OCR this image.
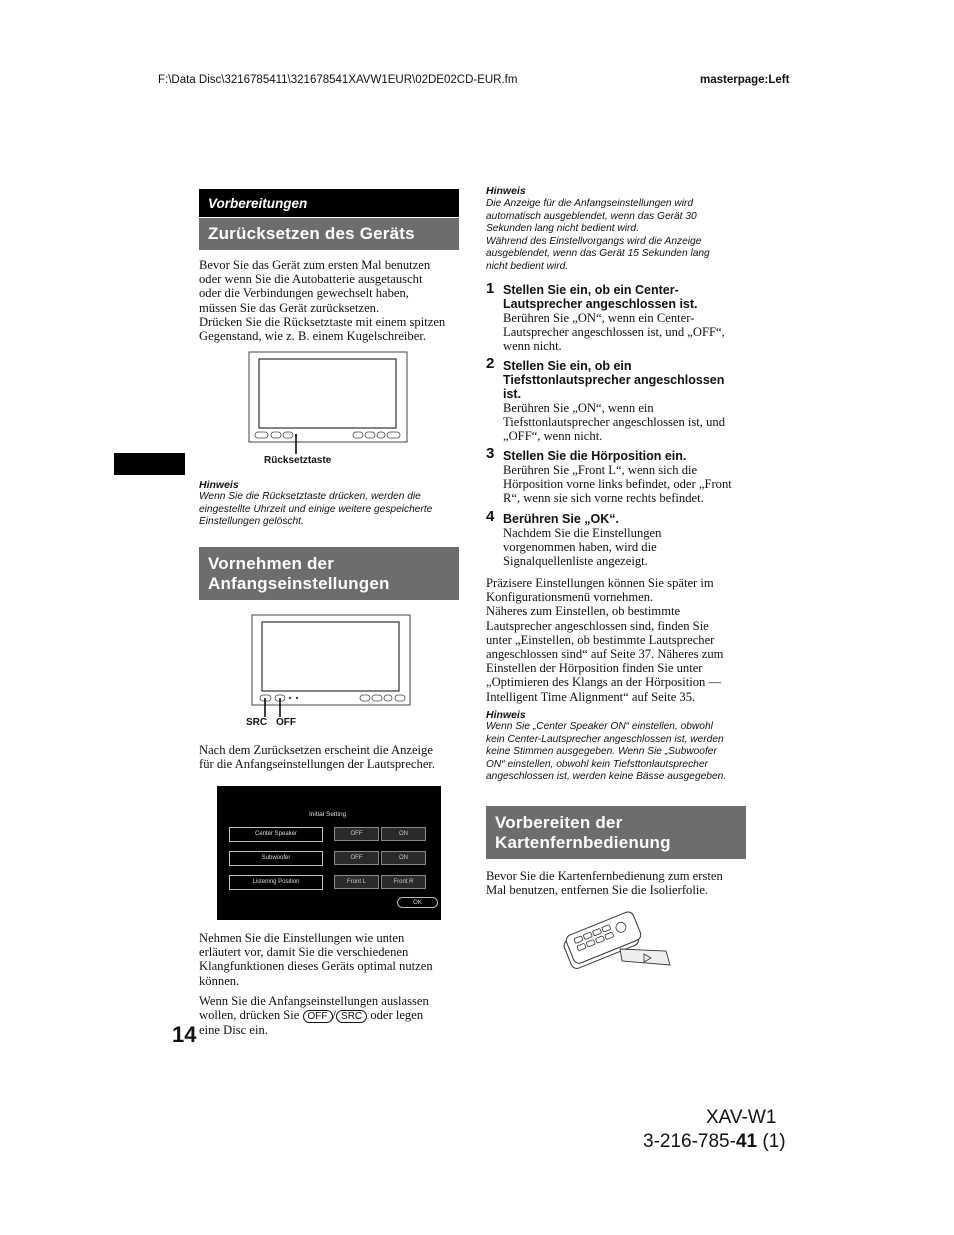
F:\Data Disc\3216785411\321678541XAVW1EUR\02DE02CD-EUR.fm	masterpage:Left
Vorbereitungen
Zurücksetzen des Geräts
Bevor Sie das Gerät zum ersten Mal benutzen
oder wenn Sie die Autobatterie ausgetauscht
oder die Verbindungen gewechselt haben,
müssen Sie das Gerät zurücksetzen.
Drücken Sie die Rücksetztaste mit einem spitzen
Gegenstand, wie z. B. einem Kugelschreiber.
Rücksetztaste
Hinweis
Wenn Sie die Rücksetztaste drücken, werden die
eingestellte Uhrzeit und einige weitere gespeicherte
Einstellungen gelöscht.
Vornehmen der
Anfangseinstellungen
SRC OFF
Nach dem Zurücksetzen erscheint die Anzeige
für die Anfangseinstellungen der Lautsprecher.
Initial Setting
Center Speaker	OFF	ON
Subwoofer	OFF	ON
Listening Position	Front L	Front R
OK
Nehmen Sie die Einstellungen wie unten
erläutert vor, damit Sie die verschiedenen
Klangfunktionen dieses Geräts optimal nutzen
können.
Wenn Sie die Anfangseinstellungen auslassen
wollen, drücken Sie OFF / SRC oder legen
eine Disc ein.
14
Hinweis
Die Anzeige für die Anfangseinstellungen wird
automatisch ausgeblendet, wenn das Gerät 30
Sekunden lang nicht bedient wird.
Während des Einstellvorgangs wird die Anzeige
ausgeblendet, wenn das Gerät 15 Sekunden lang
nicht bedient wird.
1 Stellen Sie ein, ob ein Center-
Lautsprecher angeschlossen ist.
Berühren Sie „ON“, wenn ein Center-
Lautsprecher angeschlossen ist, und „OFF“,
wenn nicht.
2 Stellen Sie ein, ob ein
Tiefsttonlautsprecher angeschlossen
ist.
Berühren Sie „ON“, wenn ein
Tiefsttonlautsprecher angeschlossen ist, und
„OFF“, wenn nicht.
3 Stellen Sie die Hörposition ein.
Berühren Sie „Front L“, wenn sich die
Hörposition vorne links befindet, oder „Front
R“, wenn sie sich vorne rechts befindet.
4 Berühren Sie „OK“.
Nachdem Sie die Einstellungen
vorgenommen haben, wird die
Signalquellenliste angezeigt.
Präzisere Einstellungen können Sie später im
Konfigurationsmenü vornehmen.
Näheres zum Einstellen, ob bestimmte
Lautsprecher angeschlossen sind, finden Sie
unter „Einstellen, ob bestimmte Lautsprecher
angeschlossen sind“ auf Seite 37. Näheres zum
Einstellen der Hörposition finden Sie unter
„Optimieren des Klangs an der Hörposition —
Intelligent Time Alignment“ auf Seite 35.
Hinweis
Wenn Sie „Center Speaker ON“ einstellen, obwohl
kein Center-Lautsprecher angeschlossen ist, werden
keine Stimmen ausgegeben. Wenn Sie „Subwoofer
ON“ einstellen, obwohl kein Tiefsttonlautsprecher
angeschlossen ist, werden keine Bässe ausgegeben.
Vorbereiten der
Kartenfernbedienung
Bevor Sie die Kartenfernbedienung zum ersten
Mal benutzen, entfernen Sie die Isolierfolie.
XAV-W1
3-216-785-41 (1)
